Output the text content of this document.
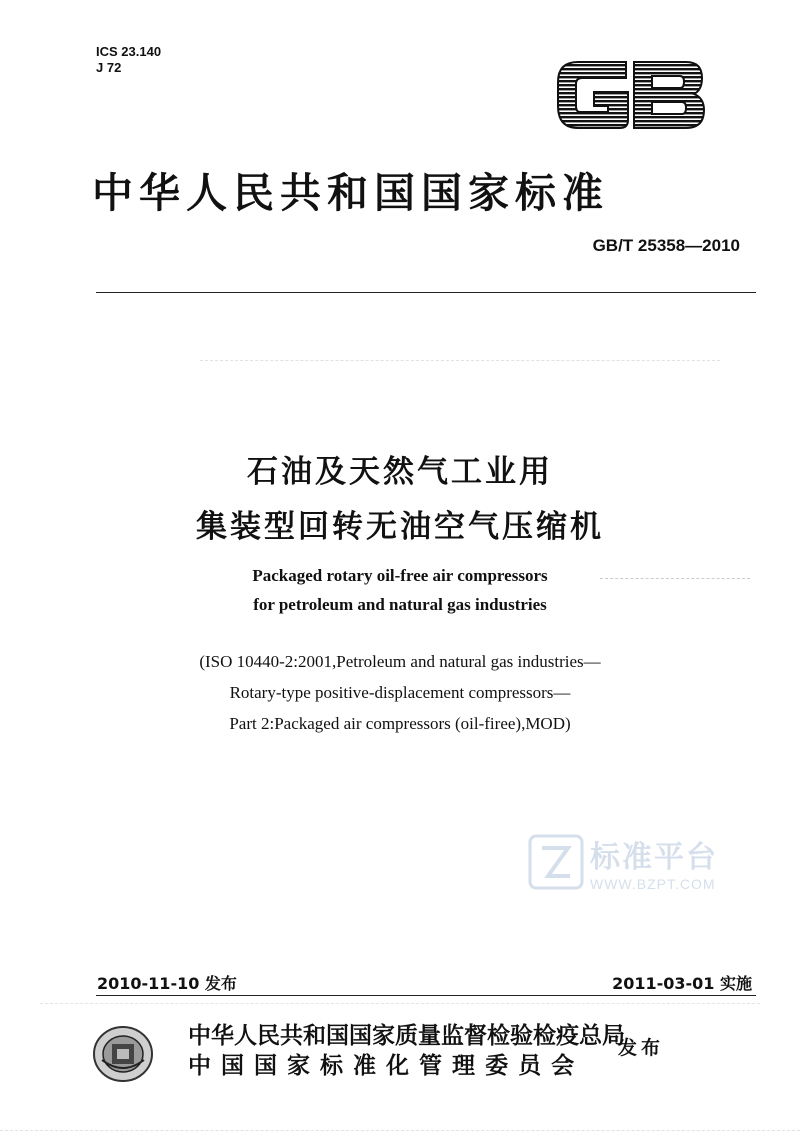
ICS 23.140
J 72
中华人民共和国国家标准
GB/T 25358—2010
石油及天然气工业用
集装型回转无油空气压缩机
Packaged rotary oil-free air compressors
for petroleum and natural gas industries
(ISO 10440-2:2001,Petroleum and natural gas industries—
Rotary-type positive-displacement compressors—
Part 2:Packaged air compressors (oil-firee),MOD)
标准平台
WWW.BZPT.COM
2010-11-10 发布	2011-03-01 实施
中华人民共和国国家质量监督检验检疫总局
中 国 国 家 标 准 化 管 理 委 员 会
发布
